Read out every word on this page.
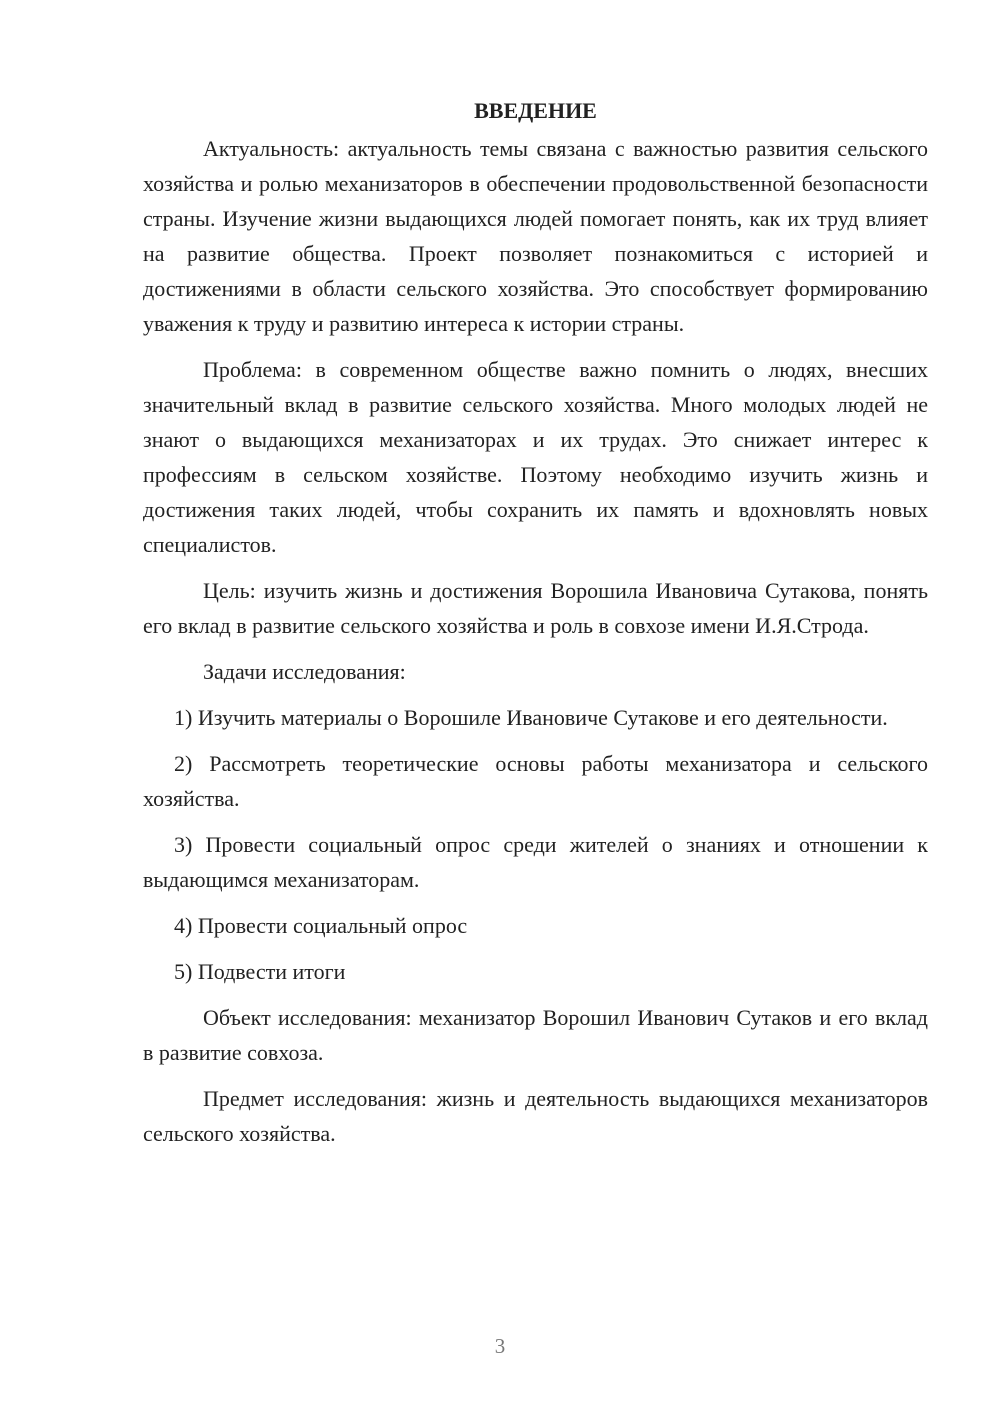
ВВЕДЕНИЕ

Актуальность: актуальность темы связана с важностью развития сельского хозяйства и ролью механизаторов в обеспечении продовольственной безопасности страны. Изучение жизни выдающихся людей помогает понять, как их труд влияет на развитие общества. Проект позволяет познакомиться с историей и достижениями в области сельского хозяйства. Это способствует формированию уважения к труду и развитию интереса к истории страны.

Проблема: в современном обществе важно помнить о людях, внесших значительный вклад в развитие сельского хозяйства. Много молодых людей не знают о выдающихся механизаторах и их трудах. Это снижает интерес к профессиям в сельском хозяйстве. Поэтому необходимо изучить жизнь и достижения таких людей, чтобы сохранить их память и вдохновлять новых специалистов.

Цель: изучить жизнь и достижения Ворошила Ивановича Сутакова, понять его вклад в развитие сельского хозяйства и роль в совхозе имени И.Я.Строда.

Задачи исследования:

1) Изучить материалы о Ворошиле Ивановиче Сутакове и его деятельности.

2) Рассмотреть теоретические основы работы механизатора и сельского хозяйства.

3) Провести социальный опрос среди жителей о знаниях и отношении к выдающимся механизаторам.

4) Провести социальный опрос

5) Подвести итоги

Объект исследования: механизатор Ворошил Иванович Сутаков и его вклад в развитие совхоза.

Предмет исследования: жизнь и деятельность выдающихся механизаторов сельского хозяйства.

3
